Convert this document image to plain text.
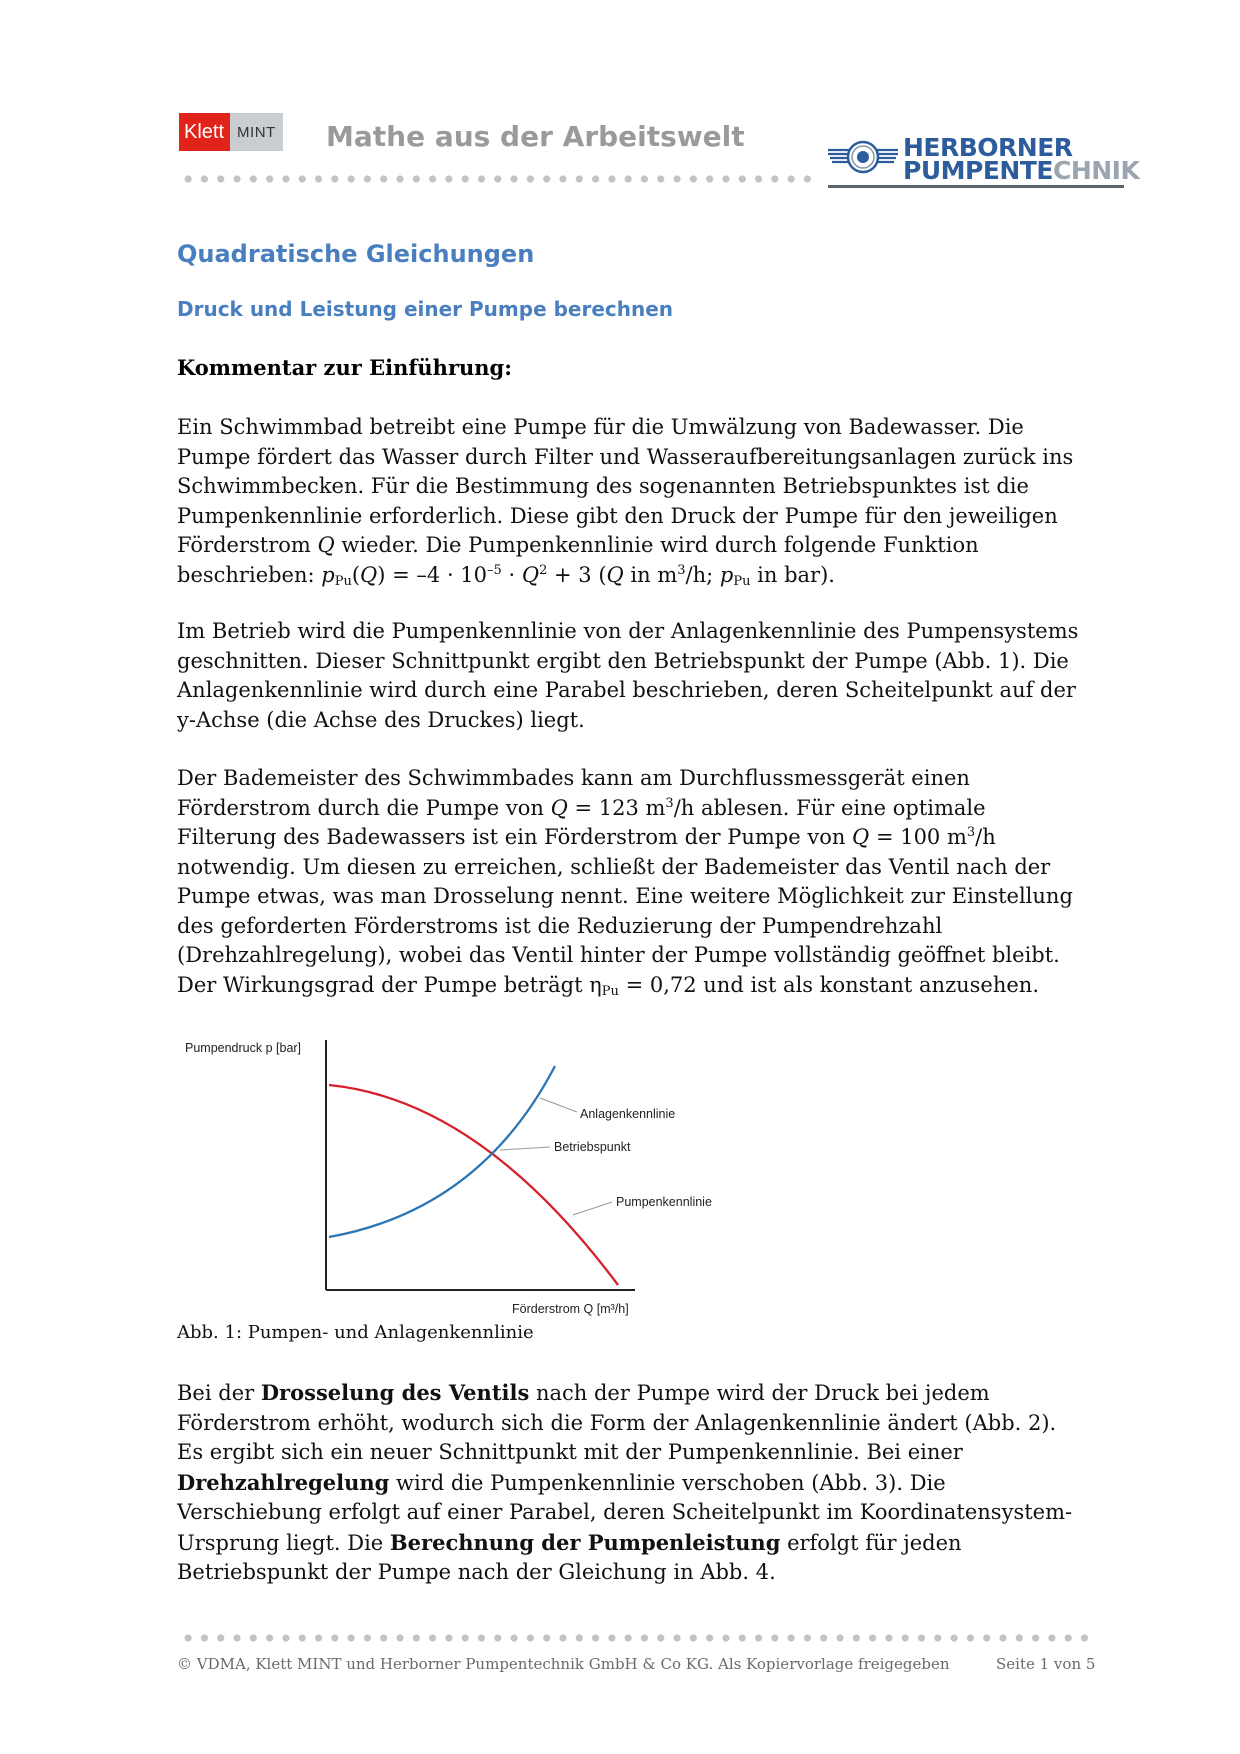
Klett MINT Mathe aus der Arbeitswelt	HERBORNER
PUMPENTECHNIK
Quadratische Gleichungen
Druck und Leistung einer Pumpe berechnen
Kommentar zur Einführung:

Ein Schwimmbad betreibt eine Pumpe für die Umwälzung von Badewasser. Die Pumpe fördert das Wasser durch Filter und Wasseraufbereitungsanlagen zurück ins Schwimmbecken. Für die Bestimmung des sogenannten Betriebspunktes ist die Pumpenkennlinie erforderlich. Diese gibt den Druck der Pumpe für den jeweiligen Förderstrom Q wieder. Die Pumpenkennlinie wird durch folgende Funktion beschrieben: $p_{Pu}(Q) = -4 \cdot 10^{-5} \cdot Q^2 + 3$ (Q in $m^3/h$; $p_{Pu}$ in bar).

Im Betrieb wird die Pumpenkennlinie von der Anlagenkennlinie des Pumpensystems geschnitten. Dieser Schnittpunkt ergibt den Betriebspunkt der Pumpe (Abb. 1). Die Anlagenkennlinie wird durch eine Parabel beschrieben, deren Scheitelpunkt auf der y-Achse (die Achse des Druckes) liegt.

Der Bademeister des Schwimmbades kann am Durchflussmessgerät einen Förderstrom durch die Pumpe von Q = 123 $m^3/h$ ablesen. Für eine optimale Filterung des Badewassers ist ein Förderstrom der Pumpe von Q = 100 $m^3/h$ notwendig. Um diesen zu erreichen, schließt der Bademeister das Ventil nach der Pumpe etwas, was man Drosselung nennt. Eine weitere Möglichkeit zur Einstellung des geforderten Förderstroms ist die Reduzierung der Pumpendrehzahl (Drehzahlregelung), wobei das Ventil hinter der Pumpe vollständig geöffnet bleibt. Der Wirkungsgrad der Pumpe beträgt $\eta_{Pu} = 0,72$ und ist als konstant anzusehen.

Pumpendruck p [bar]
Anlagenkennlinie
Betriebspunkt
Pumpenkennlinie
Förderstrom Q [m³/h]
Abb. 1: Pumpen- und Anlagenkennlinie

Bei der Drosselung des Ventils nach der Pumpe wird der Druck bei jedem Förderstrom erhöht, wodurch sich die Form der Anlagenkennlinie ändert (Abb. 2). Es ergibt sich ein neuer Schnittpunkt mit der Pumpenkennlinie. Bei einer Drehzahlregelung wird die Pumpenkennlinie verschoben (Abb. 3). Die Verschiebung erfolgt auf einer Parabel, deren Scheitelpunkt im Koordinatensystem-Ursprung liegt. Die Berechnung der Pumpenleistung erfolgt für jeden Betriebspunkt der Pumpe nach der Gleichung in Abb. 4.

© VDMA, Klett MINT und Herborner Pumpentechnik GmbH & Co KG. Als Kopiervorlage freigegeben	Seite 1 von 5
